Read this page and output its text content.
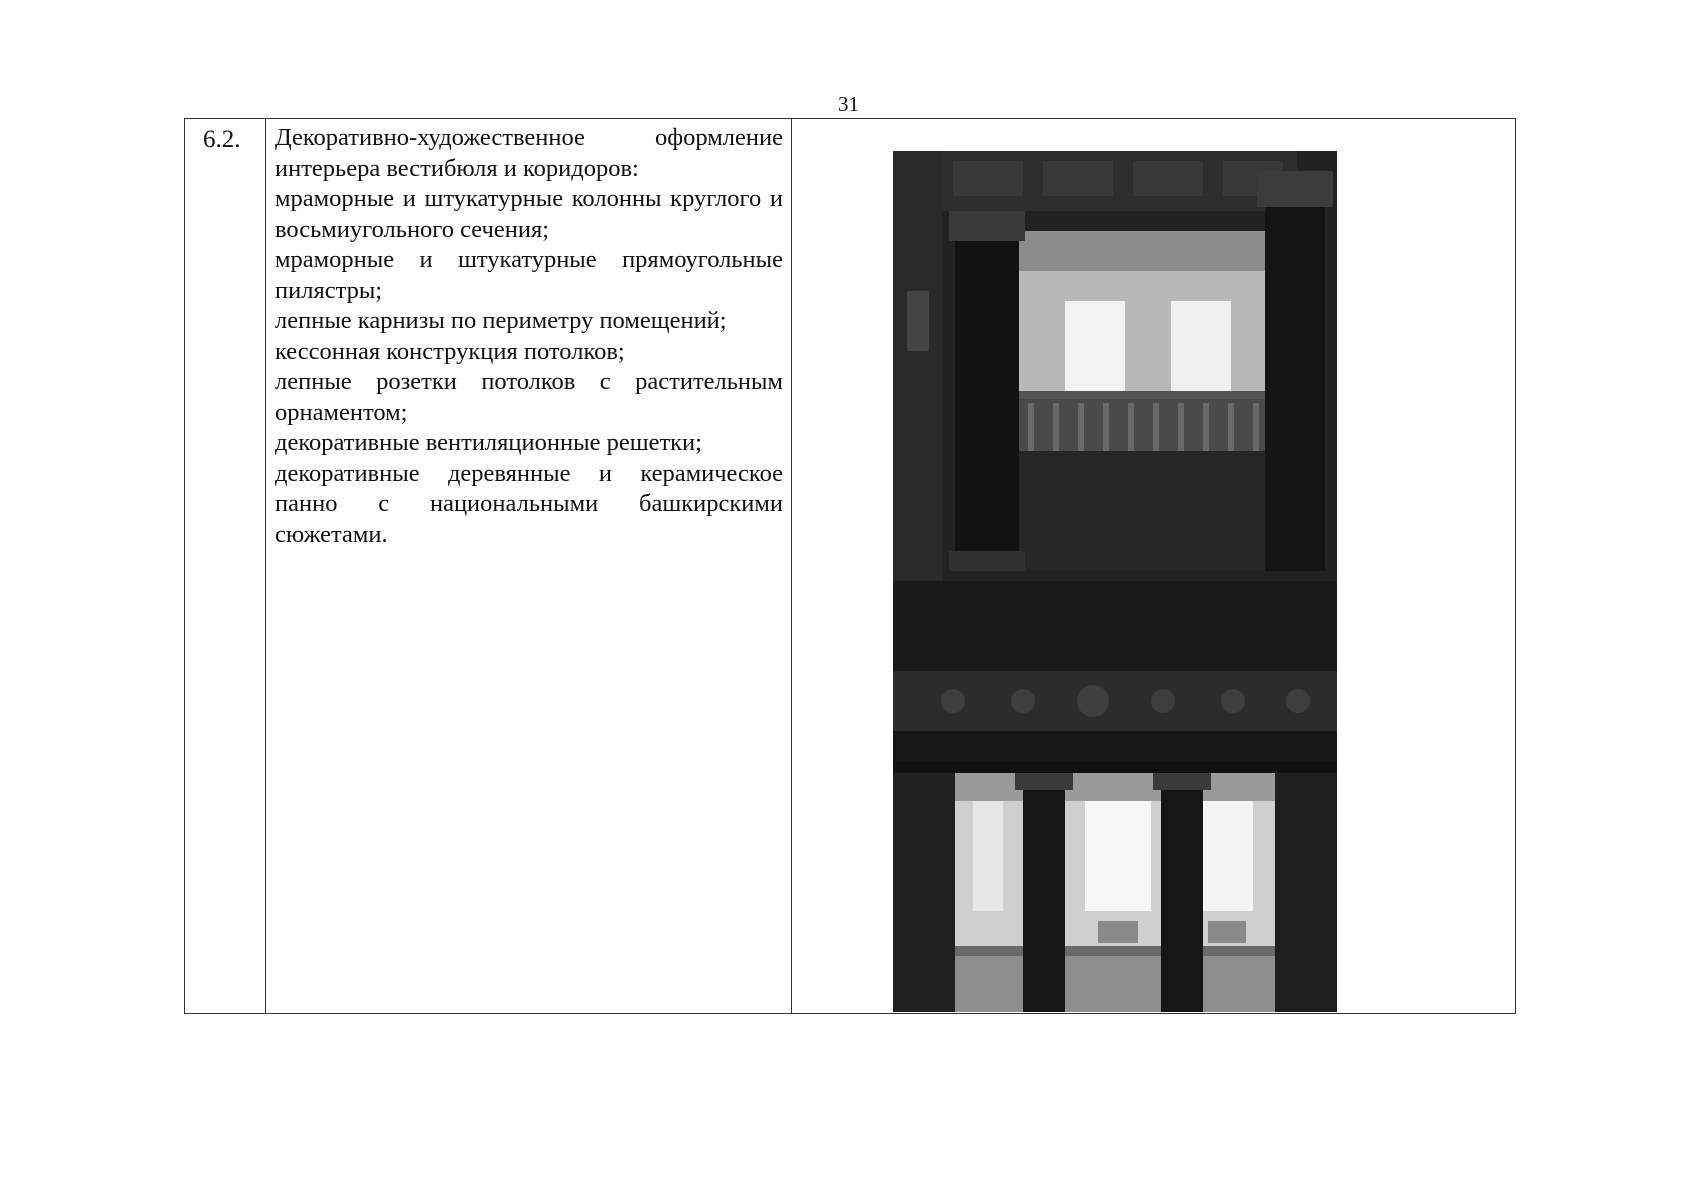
31
6.2. Декоративно-художественное оформление интерьера вестибюля и коридоров:

мраморные и штукатурные колонны круглого и восьмиугольного сечения;

мраморные и штукатурные прямоугольные пилястры;

лепные карнизы по периметру помещений;

кессонная конструкция потолков;

лепные розетки потолков с растительным орнаментом;

декоративные вентиляционные решетки;

декоративные деревянные и керамическое панно с национальными башкирскими сюжетами.
